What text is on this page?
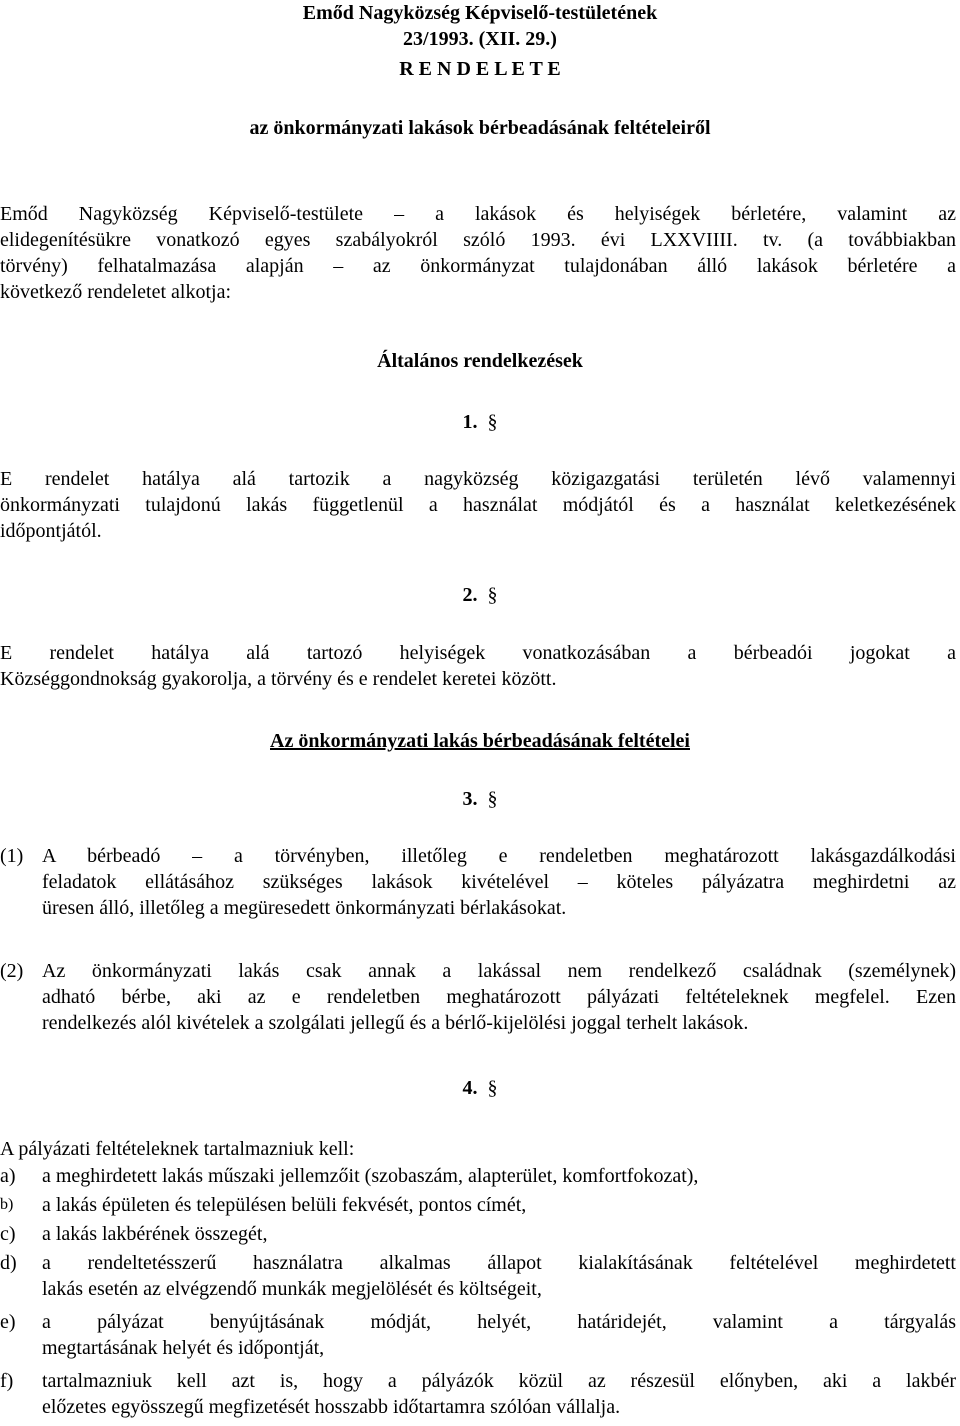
Emőd Nagyközség Képviselő-testületének
23/1993. (XII. 29.)
R E N D E L E T E
az önkormányzati lakások bérbeadásának feltételeiről
Emőd Nagyközség Képviselő-testülete – a lakások és helyiségek bérletére, valamint az
elidegenítésükre vonatkozó egyes szabályokról szóló 1993. évi LXXVIIII. tv. (a továbbiakban
törvény) felhatalmazása alapján – az önkormányzat tulajdonában álló lakások bérletére a
következő rendeletet alkotja:
Általános rendelkezések
1. §
E rendelet hatálya alá tartozik a nagyközség közigazgatási területén lévő valamennyi
önkormányzati tulajdonú lakás függetlenül a használat módjától és a használat keletkezésének
időpontjától.
2. §
E rendelet hatálya alá tartozó helyiségek vonatkozásában a bérbeadói jogokat a
Községgondnokság gyakorolja, a törvény és e rendelet keretei között.
Az önkormányzati lakás bérbeadásának feltételei
3. §
(1) A bérbeadó – a törvényben, illetőleg e rendeletben meghatározott lakásgazdálkodási
feladatok ellátásához szükséges lakások kivételével – köteles pályázatra meghirdetni az
üresen álló, illetőleg a megüresedett önkormányzati bérlakásokat.
(2) Az önkormányzati lakás csak annak a lakással nem rendelkező családnak (személynek)
adható bérbe, aki az e rendeletben meghatározott pályázati feltételeknek megfelel. Ezen
rendelkezés alól kivételek a szolgálati jellegű és a bérlő-kijelölési joggal terhelt lakások.
4. §
A pályázati feltételeknek tartalmazniuk kell:
a)	a meghirdetett lakás műszaki jellemzőit (szobaszám, alapterület, komfortfokozat),
b)	a lakás épületen és településen belüli fekvését, pontos címét,
c)	a lakás lakbérének összegét,
d)	a rendeltetésszerű használatra alkalmas állapot kialakításának feltételével meghirdetett
lakás esetén az elvégzendő munkák megjelölését és költségeit,
e)	a pályázat benyújtásának módját, helyét, határidejét, valamint a tárgyalás
megtartásának helyét és időpontját,
f)	tartalmazniuk kell azt is, hogy a pályázók közül az részesül előnyben, aki a lakbér
előzetes egyösszegű megfizetését hosszabb időtartamra szólóan vállalja.
